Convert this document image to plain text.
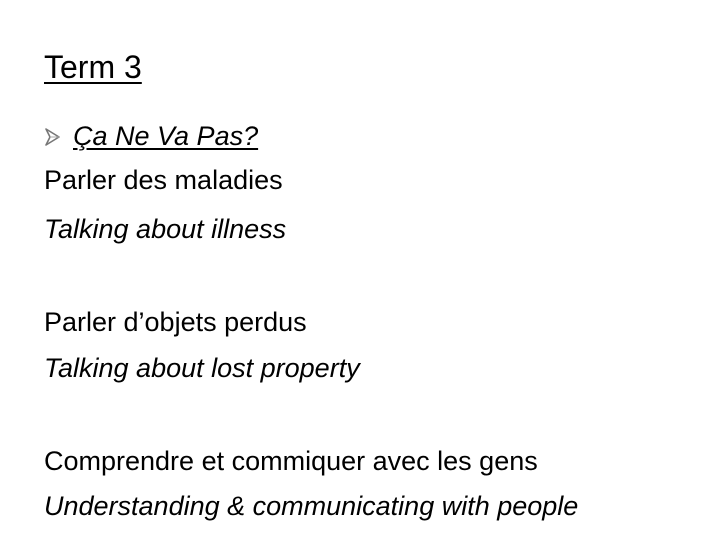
Term 3
Ça Ne Va Pas?
Parler des maladies
Talking about illness
Parler d’objets perdus
Talking about lost property
Comprendre et commiquer avec les gens
Understanding & communicating with people
